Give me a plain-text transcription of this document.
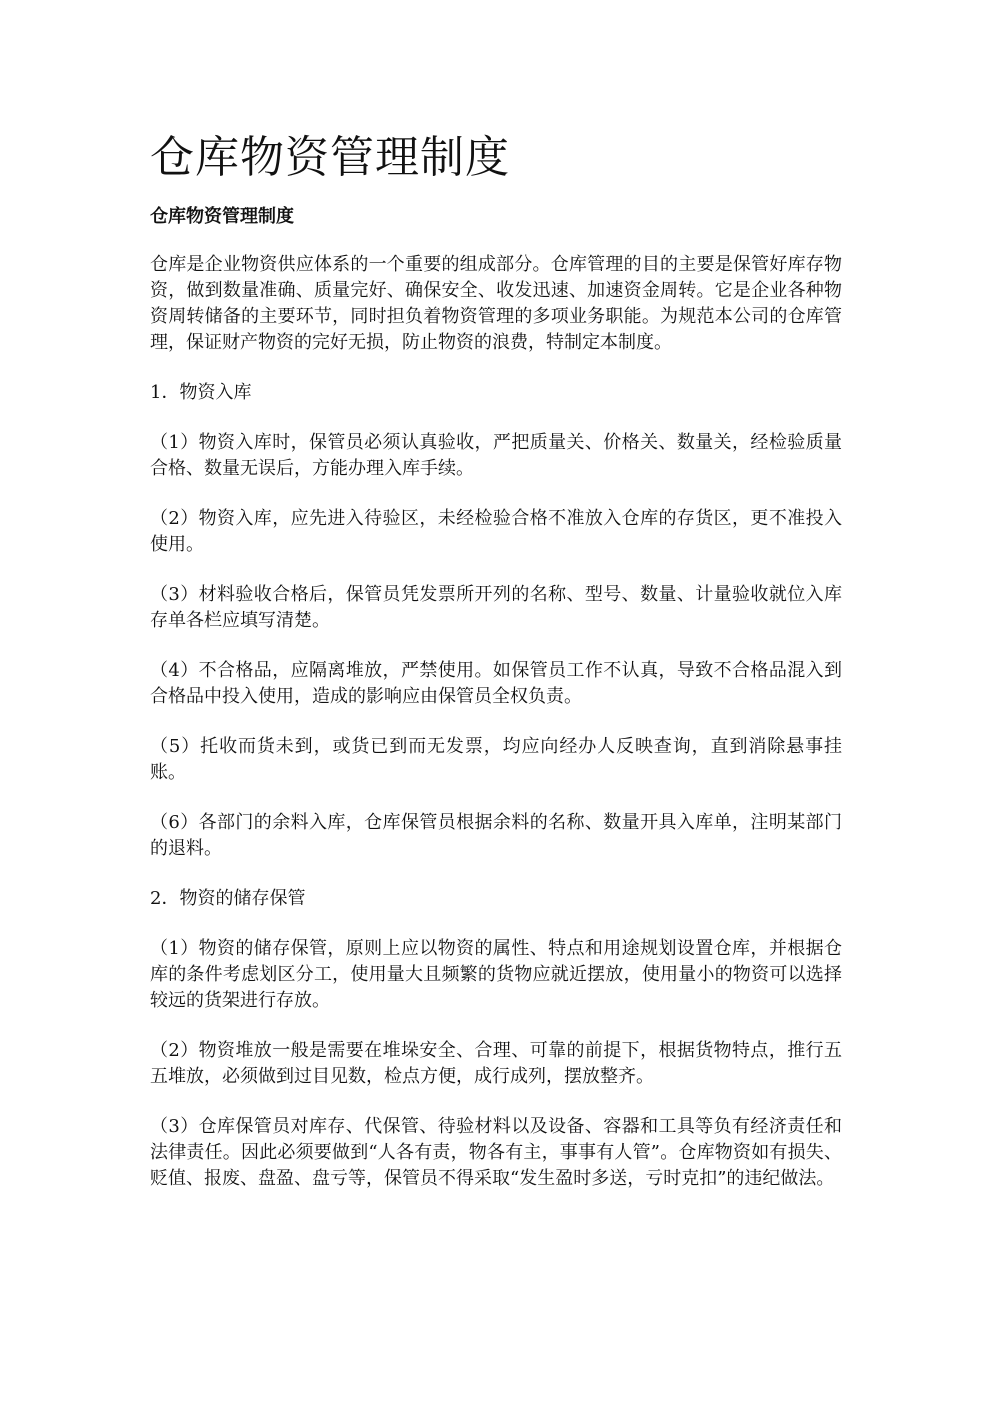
仓库物资管理制度
仓库物资管理制度

仓库是企业物资供应体系的一个重要的组成部分。仓库管理的目的主要是保管好库存物资，做到数量准确、质量完好、确保安全、收发迅速、加速资金周转。它是企业各种物资周转储备的主要环节，同时担负着物资管理的多项业务职能。为规范本公司的仓库管理，保证财产物资的完好无损，防止物资的浪费，特制定本制度。

1．物资入库

（1）物资入库时，保管员必须认真验收，严把质量关、价格关、数量关，经检验质量合格、数量无误后，方能办理入库手续。

（2）物资入库，应先进入待验区，未经检验合格不准放入仓库的存货区，更不准投入使用。

（3）材料验收合格后，保管员凭发票所开列的名称、型号、数量、计量验收就位入库存单各栏应填写清楚。

（4）不合格品，应隔离堆放，严禁使用。如保管员工作不认真，导致不合格品混入到合格品中投入使用，造成的影响应由保管员全权负责。

（5）托收而货未到，或货已到而无发票，均应向经办人反映查询，直到消除悬事挂账。

（6）各部门的余料入库，仓库保管员根据余料的名称、数量开具入库单，注明某部门的退料。

2．物资的储存保管

（1）物资的储存保管，原则上应以物资的属性、特点和用途规划设置仓库，并根据仓库的条件考虑划区分工，使用量大且频繁的货物应就近摆放，使用量小的物资可以选择较远的货架进行存放。

（2）物资堆放一般是需要在堆垛安全、合理、可靠的前提下，根据货物特点，推行五五堆放，必须做到过目见数，检点方便，成行成列，摆放整齐。

（3）仓库保管员对库存、代保管、待验材料以及设备、容器和工具等负有经济责任和法律责任。因此必须要做到“人各有责，物各有主，事事有人管”。仓库物资如有损失、贬值、报废、盘盈、盘亏等，保管员不得采取“发生盈时多送，亏时克扣”的违纪做法。
